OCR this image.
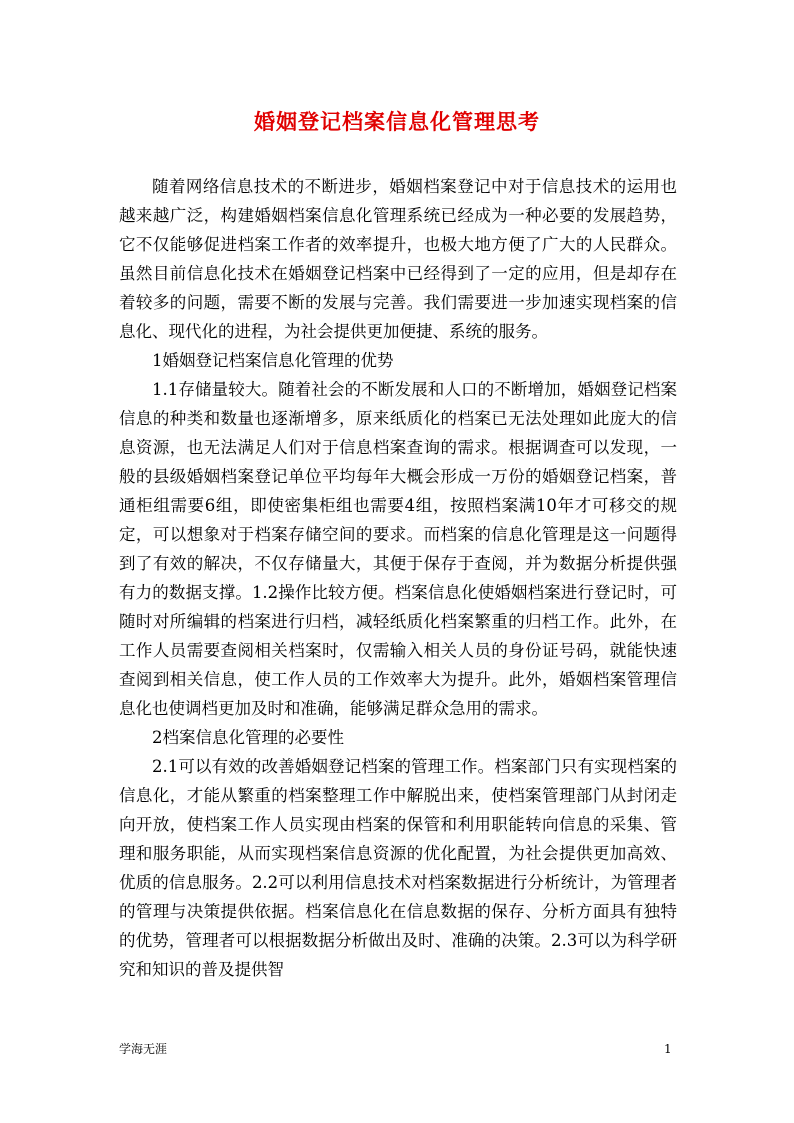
婚姻登记档案信息化管理思考

随着网络信息技术的不断进步，婚姻档案登记中对于信息技术的运用也越来越广泛，构建婚姻档案信息化管理系统已经成为一种必要的发展趋势，它不仅能够促进档案工作者的效率提升，也极大地方便了广大的人民群众。虽然目前信息化技术在婚姻登记档案中已经得到了一定的应用，但是却存在着较多的问题，需要不断的发展与完善。我们需要进一步加速实现档案的信息化、现代化的进程，为社会提供更加便捷、系统的服务。

1婚姻登记档案信息化管理的优势

1.1存储量较大。随着社会的不断发展和人口的不断增加，婚姻登记档案信息的种类和数量也逐渐增多，原来纸质化的档案已无法处理如此庞大的信息资源，也无法满足人们对于信息档案查询的需求。根据调查可以发现，一般的县级婚姻档案登记单位平均每年大概会形成一万份的婚姻登记档案，普通柜组需要6组，即使密集柜组也需要4组，按照档案满10年才可移交的规定，可以想象对于档案存储空间的要求。而档案的信息化管理是这一问题得到了有效的解决，不仅存储量大，其便于保存于查阅，并为数据分析提供强有力的数据支撑。1.2操作比较方便。档案信息化使婚姻档案进行登记时，可随时对所编辑的档案进行归档，减轻纸质化档案繁重的归档工作。此外，在工作人员需要查阅相关档案时，仅需输入相关人员的身份证号码，就能快速查阅到相关信息，使工作人员的工作效率大为提升。此外，婚姻档案管理信息化也使调档更加及时和准确，能够满足群众急用的需求。

2档案信息化管理的必要性

2.1可以有效的改善婚姻登记档案的管理工作。档案部门只有实现档案的信息化，才能从繁重的档案整理工作中解脱出来，使档案管理部门从封闭走向开放，使档案工作人员实现由档案的保管和利用职能转向信息的采集、管理和服务职能，从而实现档案信息资源的优化配置，为社会提供更加高效、优质的信息服务。2.2可以利用信息技术对档案数据进行分析统计，为管理者的管理与决策提供依据。档案信息化在信息数据的保存、分析方面具有独特的优势，管理者可以根据数据分析做出及时、准确的决策。2.3可以为科学研究和知识的普及提供智

学海无涯	1
